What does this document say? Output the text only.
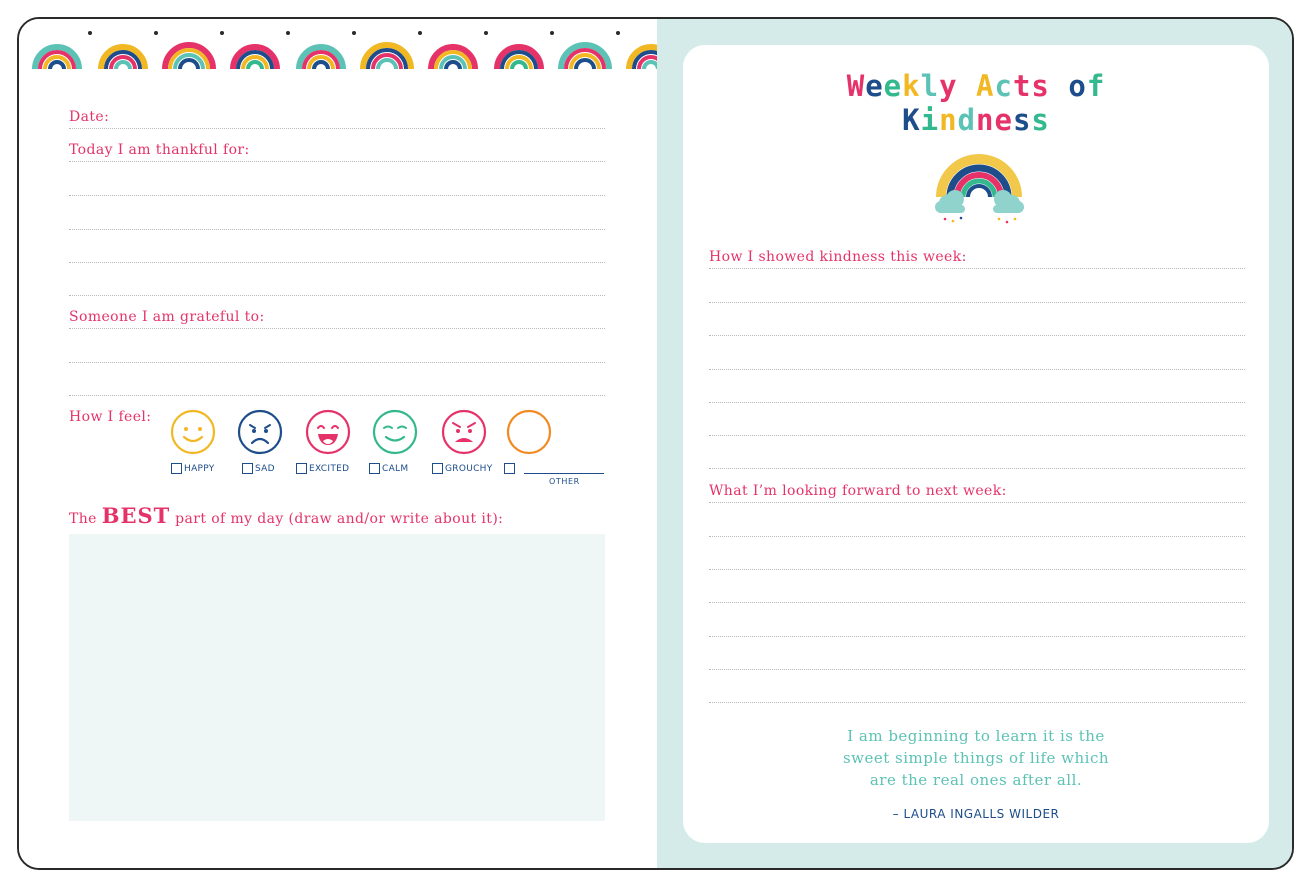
Date:
Today I am thankful for:
Someone I am grateful to:
How I feel:
HAPPY	SAD	EXCITED	CALM	GROUCHY
OTHER
The BEST part of my day (draw and/or write about it):
Weekly Acts of
Kindness
How I showed kindness this week:
What I’m looking forward to next week:
I am beginning to learn it is the
sweet simple things of life which
are the real ones after all.
– LAURA INGALLS WILDER
